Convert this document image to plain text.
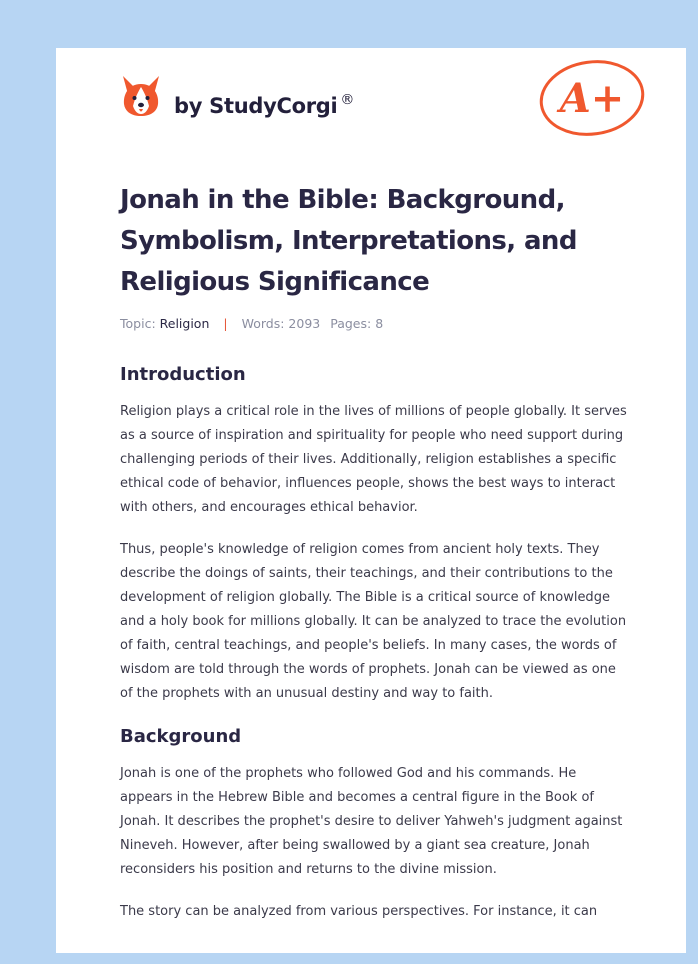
by StudyCorgi ®	A+
Jonah in the Bible: Background, Symbolism, Interpretations, and Religious Significance
Topic: Religion | Words: 2093 Pages: 8
Introduction

Religion plays a critical role in the lives of millions of people globally. It serves as a source of inspiration and spirituality for people who need support during challenging periods of their lives. Additionally, religion establishes a specific ethical code of behavior, influences people, shows the best ways to interact with others, and encourages ethical behavior.

Thus, people's knowledge of religion comes from ancient holy texts. They describe the doings of saints, their teachings, and their contributions to the development of religion globally. The Bible is a critical source of knowledge and a holy book for millions globally. It can be analyzed to trace the evolution of faith, central teachings, and people's beliefs. In many cases, the words of wisdom are told through the words of prophets. Jonah can be viewed as one of the prophets with an unusual destiny and way to faith.

Background

Jonah is one of the prophets who followed God and his commands. He appears in the Hebrew Bible and becomes a central figure in the Book of Jonah. It describes the prophet's desire to deliver Yahweh's judgment against Nineveh. However, after being swallowed by a giant sea creature, Jonah reconsiders his position and returns to the divine mission.

The story can be analyzed from various perspectives. For instance, it can
